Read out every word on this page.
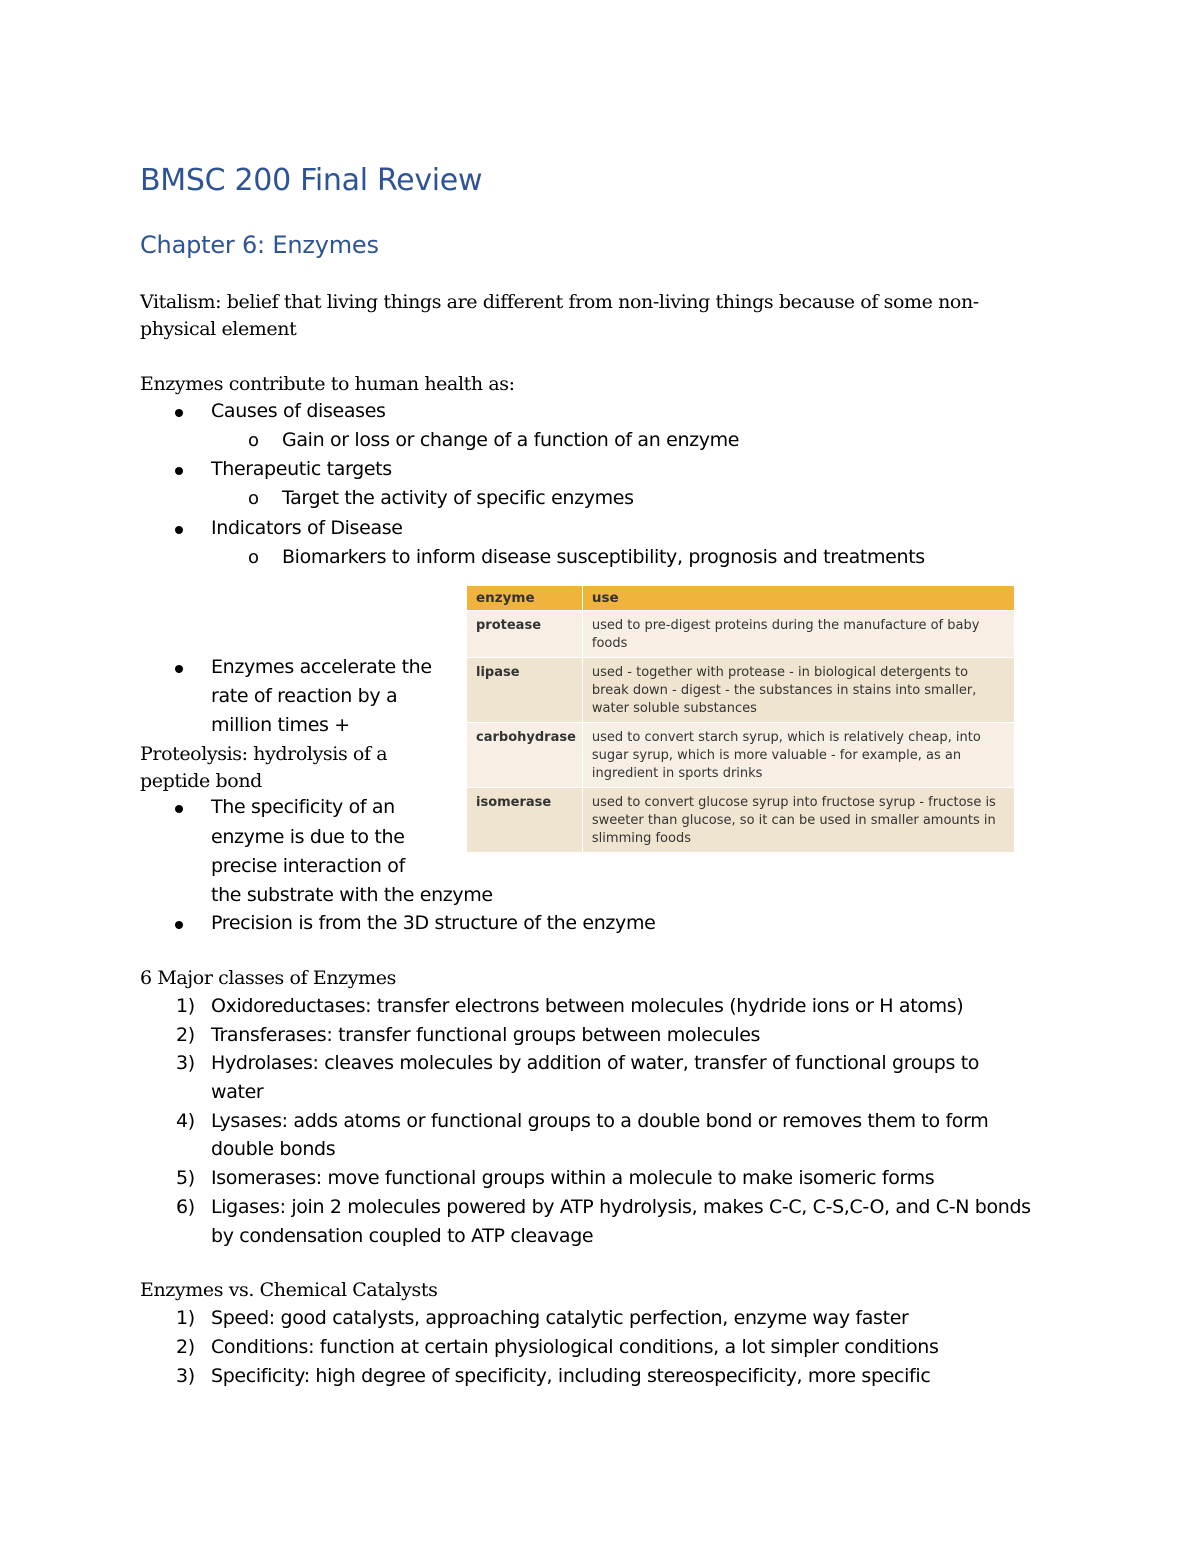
BMSC 200 Final Review
Chapter 6: Enzymes
Vitalism: belief that living things are different from non-living things because of some non-
physical element
Enzymes contribute to human health as:
Causes of diseases
o Gain or loss or change of a function of an enzyme
Therapeutic targets
o Target the activity of specific enzymes
Indicators of Disease
o Biomarkers to inform disease susceptibility, prognosis and treatments
enzyme	use
protease	used to pre-digest proteins during the manufacture of baby
foods

lipase	used - together with protease - in biological detergents to
break down - digest - the substances in stains into smaller,
water soluble substances

carbohydrase	used to convert starch syrup, which is relatively cheap, into
sugar syrup, which is more valuable - for example, as an
ingredient in sports drinks

isomerase	used to convert glucose syrup into fructose syrup - fructose is
sweeter than glucose, so it can be used in smaller amounts in
slimming foods
Enzymes accelerate the
rate of reaction by a
million times +
Proteolysis: hydrolysis of a
peptide bond
The specificity of an
enzyme is due to the
precise interaction of
the substrate with the enzyme
Precision is from the 3D structure of the enzyme
6 Major classes of Enzymes
1) Oxidoreductases: transfer electrons between molecules (hydride ions or H atoms)
2) Transferases: transfer functional groups between molecules
3) Hydrolases: cleaves molecules by addition of water, transfer of functional groups to
water
4) Lysases: adds atoms or functional groups to a double bond or removes them to form
double bonds
5) Isomerases: move functional groups within a molecule to make isomeric forms
6) Ligases: join 2 molecules powered by ATP hydrolysis, makes C-C, C-S,C-O, and C-N bonds
by condensation coupled to ATP cleavage
Enzymes vs. Chemical Catalysts
1) Speed: good catalysts, approaching catalytic perfection, enzyme way faster
2) Conditions: function at certain physiological conditions, a lot simpler conditions
3) Specificity: high degree of specificity, including stereospecificity, more specific
